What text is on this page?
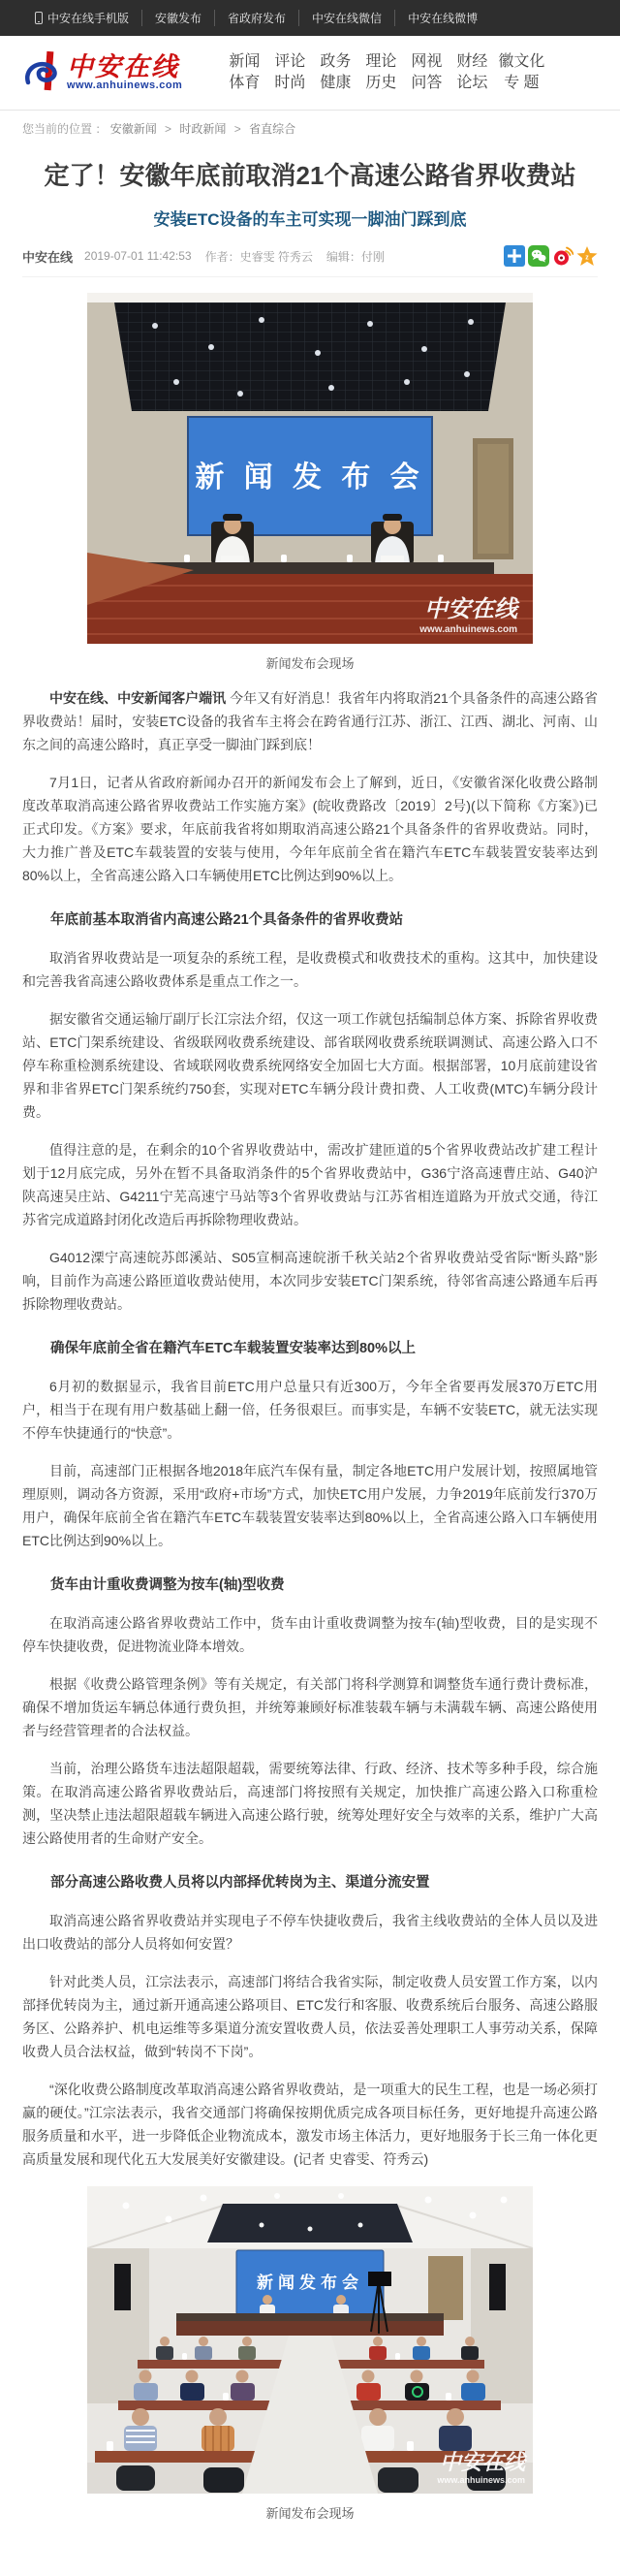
中安在线手机版	安徽发布	省政府发布	中安在线微信	中安在线微博
中安在线
www.anhuinews.com
新闻
体育
评论
时尚
政务
健康
理论
历史
网视
问答
财经
论坛
徽文化
专 题
您当前的位置 ： 安徽新闻 > 时政新闻 > 省直综合
定了！安徽年底前取消21个高速公路省界收费站
安装ETC设备的车主可实现一脚油门踩到底
中安在线 2019-07-01 11:42:53 作者：史睿雯 符秀云 编辑：付刚	z
新 闻 发 布 会
中安在线
www.anhuinews.com
新闻发布会现场

中安在线、中安新闻客户端讯 今年又有好消息！我省年内将取消21个具备条件的高速公路省界收费站！届时，安装ETC设备的我省车主将会在跨省通行江苏、浙江、江西、湖北、河南、山东之间的高速公路时，真正享受一脚油门踩到底！

7月1日，记者从省政府新闻办召开的新闻发布会上了解到，近日，《安徽省深化收费公路制度改革取消高速公路省界收费站工作实施方案》(皖收费路改〔2019〕2号)(以下简称《方案》)已正式印发。《方案》要求，年底前我省将如期取消高速公路21个具备条件的省界收费站。同时，大力推广普及ETC车载装置的安装与使用，今年年底前全省在籍汽车ETC车载装置安装率达到80%以上，全省高速公路入口车辆使用ETC比例达到90%以上。

年底前基本取消省内高速公路21个具备条件的省界收费站

取消省界收费站是一项复杂的系统工程，是收费模式和收费技术的重构。这其中，加快建设和完善我省高速公路收费体系是重点工作之一。

据安徽省交通运输厅副厅长江宗法介绍，仅这一项工作就包括编制总体方案、拆除省界收费站、ETC门架系统建设、省级联网收费系统建设、部省联网收费系统联调测试、高速公路入口不停车称重检测系统建设、省域联网收费系统网络安全加固七大方面。根据部署，10月底前建设省界和非省界ETC门架系统约750套，实现对ETC车辆分段计费扣费、人工收费(MTC)车辆分段计费。

值得注意的是，在剩余的10个省界收费站中，需改扩建匝道的5个省界收费站改扩建工程计划于12月底完成，另外在暂不具备取消条件的5个省界收费站中，G36宁洛高速曹庄站、G40沪陕高速吴庄站、G4211宁芜高速宁马站等3个省界收费站与江苏省相连道路为开放式交通，待江苏省完成道路封闭化改造后再拆除物理收费站。

G4012溧宁高速皖苏郎溪站、S05宣桐高速皖浙千秋关站2个省界收费站受省际“断头路”影响，目前作为高速公路匝道收费站使用，本次同步安装ETC门架系统，待邻省高速公路通车后再拆除物理收费站。

确保年底前全省在籍汽车ETC车载装置安装率达到80%以上

6月初的数据显示，我省目前ETC用户总量只有近300万，今年全省要再发展370万ETC用户，相当于在现有用户数基础上翻一倍，任务很艰巨。而事实是，车辆不安装ETC，就无法实现不停车快捷通行的“快意”。

目前，高速部门正根据各地2018年底汽车保有量，制定各地ETC用户发展计划，按照属地管理原则，调动各方资源，采用“政府+市场”方式，加快ETC用户发展，力争2019年底前发行370万用户，确保年底前全省在籍汽车ETC车载装置安装率达到80%以上，全省高速公路入口车辆使用ETC比例达到90%以上。

货车由计重收费调整为按车(轴)型收费

在取消高速公路省界收费站工作中，货车由计重收费调整为按车(轴)型收费，目的是实现不停车快捷收费，促进物流业降本增效。

根据《收费公路管理条例》等有关规定，有关部门将科学测算和调整货车通行费计费标准，确保不增加货运车辆总体通行费负担，并统筹兼顾好标准装载车辆与未满载车辆、高速公路使用者与经营管理者的合法权益。

当前，治理公路货车违法超限超载，需要统筹法律、行政、经济、技术等多种手段，综合施策。在取消高速公路省界收费站后，高速部门将按照有关规定，加快推广高速公路入口称重检测，坚决禁止违法超限超载车辆进入高速公路行驶，统筹处理好安全与效率的关系，维护广大高速公路使用者的生命财产安全。

部分高速公路收费人员将以内部择优转岗为主、渠道分流安置

取消高速公路省界收费站并实现电子不停车快捷收费后，我省主线收费站的全体人员以及进出口收费站的部分人员将如何安置？

针对此类人员，江宗法表示，高速部门将结合我省实际，制定收费人员安置工作方案，以内部择优转岗为主，通过新开通高速公路项目、ETC发行和客服、收费系统后台服务、高速公路服务区、公路养护、机电运维等多渠道分流安置收费人员，依法妥善处理职工人事劳动关系，保障收费人员合法权益，做到“转岗不下岗”。

“深化收费公路制度改革取消高速公路省界收费站，是一项重大的民生工程，也是一场必须打赢的硬仗。”江宗法表示，我省交通部门将确保按期优质完成各项目标任务，更好地提升高速公路服务质量和水平，进一步降低企业物流成本，激发市场主体活力，更好地服务于长三角一体化更高质量发展和现代化五大发展美好安徽建设。(记者 史睿雯、符秀云)

新闻发布会
中安在线
www.anhuinews.com
新闻发布会现场
